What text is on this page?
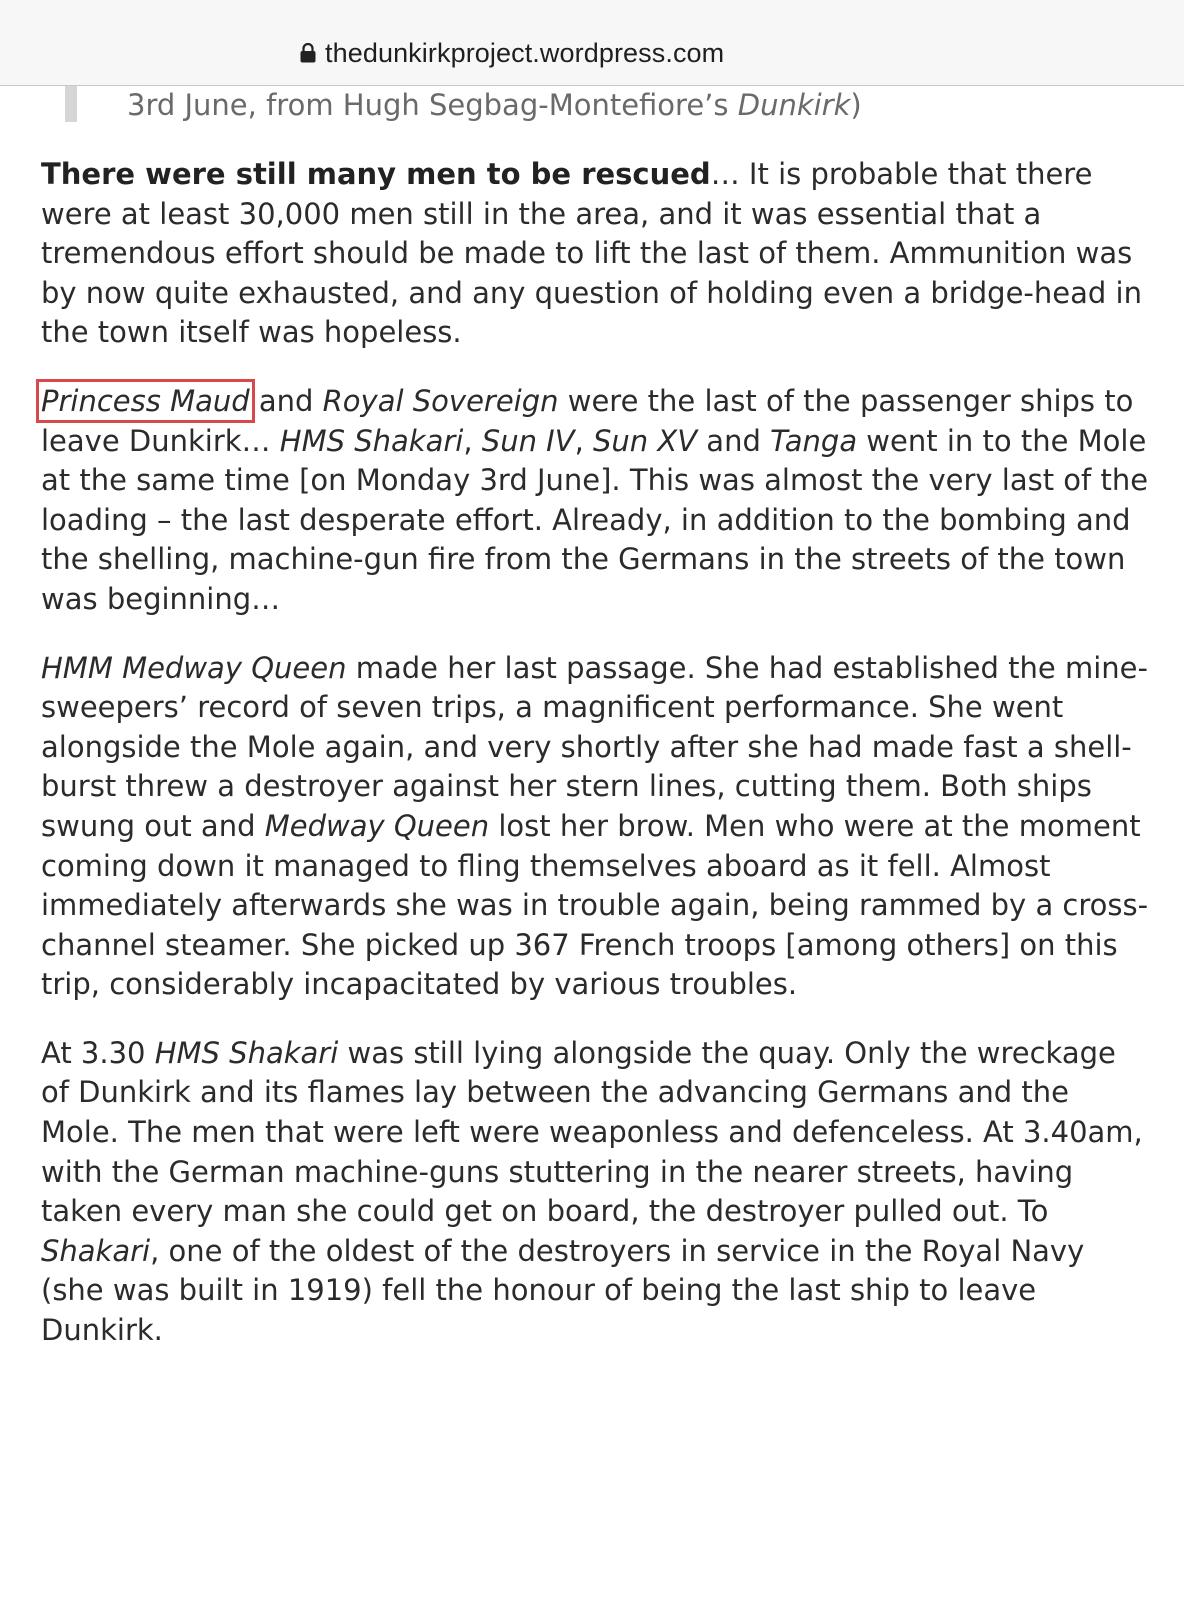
thedunkirkproject.wordpress.com
3rd June, from Hugh Segbag-Montefiore’s Dunkirk)

There were still many men to be rescued… It is probable that there were at least 30,000 men still in the area, and it was essential that a tremendous effort should be made to lift the last of them. Ammunition was by now quite exhausted, and any question of holding even a bridge-head in the town itself was hopeless.

Princess Maud and Royal Sovereign were the last of the passenger ships to leave Dunkirk… HMS Shakari, Sun IV, Sun XV and Tanga went in to the Mole at the same time [on Monday 3rd June]. This was almost the very last of the loading – the last desperate effort. Already, in addition to the bombing and the shelling, machine-gun fire from the Germans in the streets of the town was beginning…

HMM Medway Queen made her last passage. She had established the mine-sweepers’ record of seven trips, a magnificent performance. She went alongside the Mole again, and very shortly after she had made fast a shell-burst threw a destroyer against her stern lines, cutting them. Both ships swung out and Medway Queen lost her brow. Men who were at the moment coming down it managed to fling themselves aboard as it fell. Almost immediately afterwards she was in trouble again, being rammed by a cross-channel steamer. She picked up 367 French troops [among others] on this trip, considerably incapacitated by various troubles.

At 3.30 HMS Shakari was still lying alongside the quay. Only the wreckage of Dunkirk and its flames lay between the advancing Germans and the Mole. The men that were left were weaponless and defenceless. At 3.40am, with the German machine-guns stuttering in the nearer streets, having taken every man she could get on board, the destroyer pulled out. To Shakari, one of the oldest of the destroyers in service in the Royal Navy (she was built in 1919) fell the honour of being the last ship to leave Dunkirk.
